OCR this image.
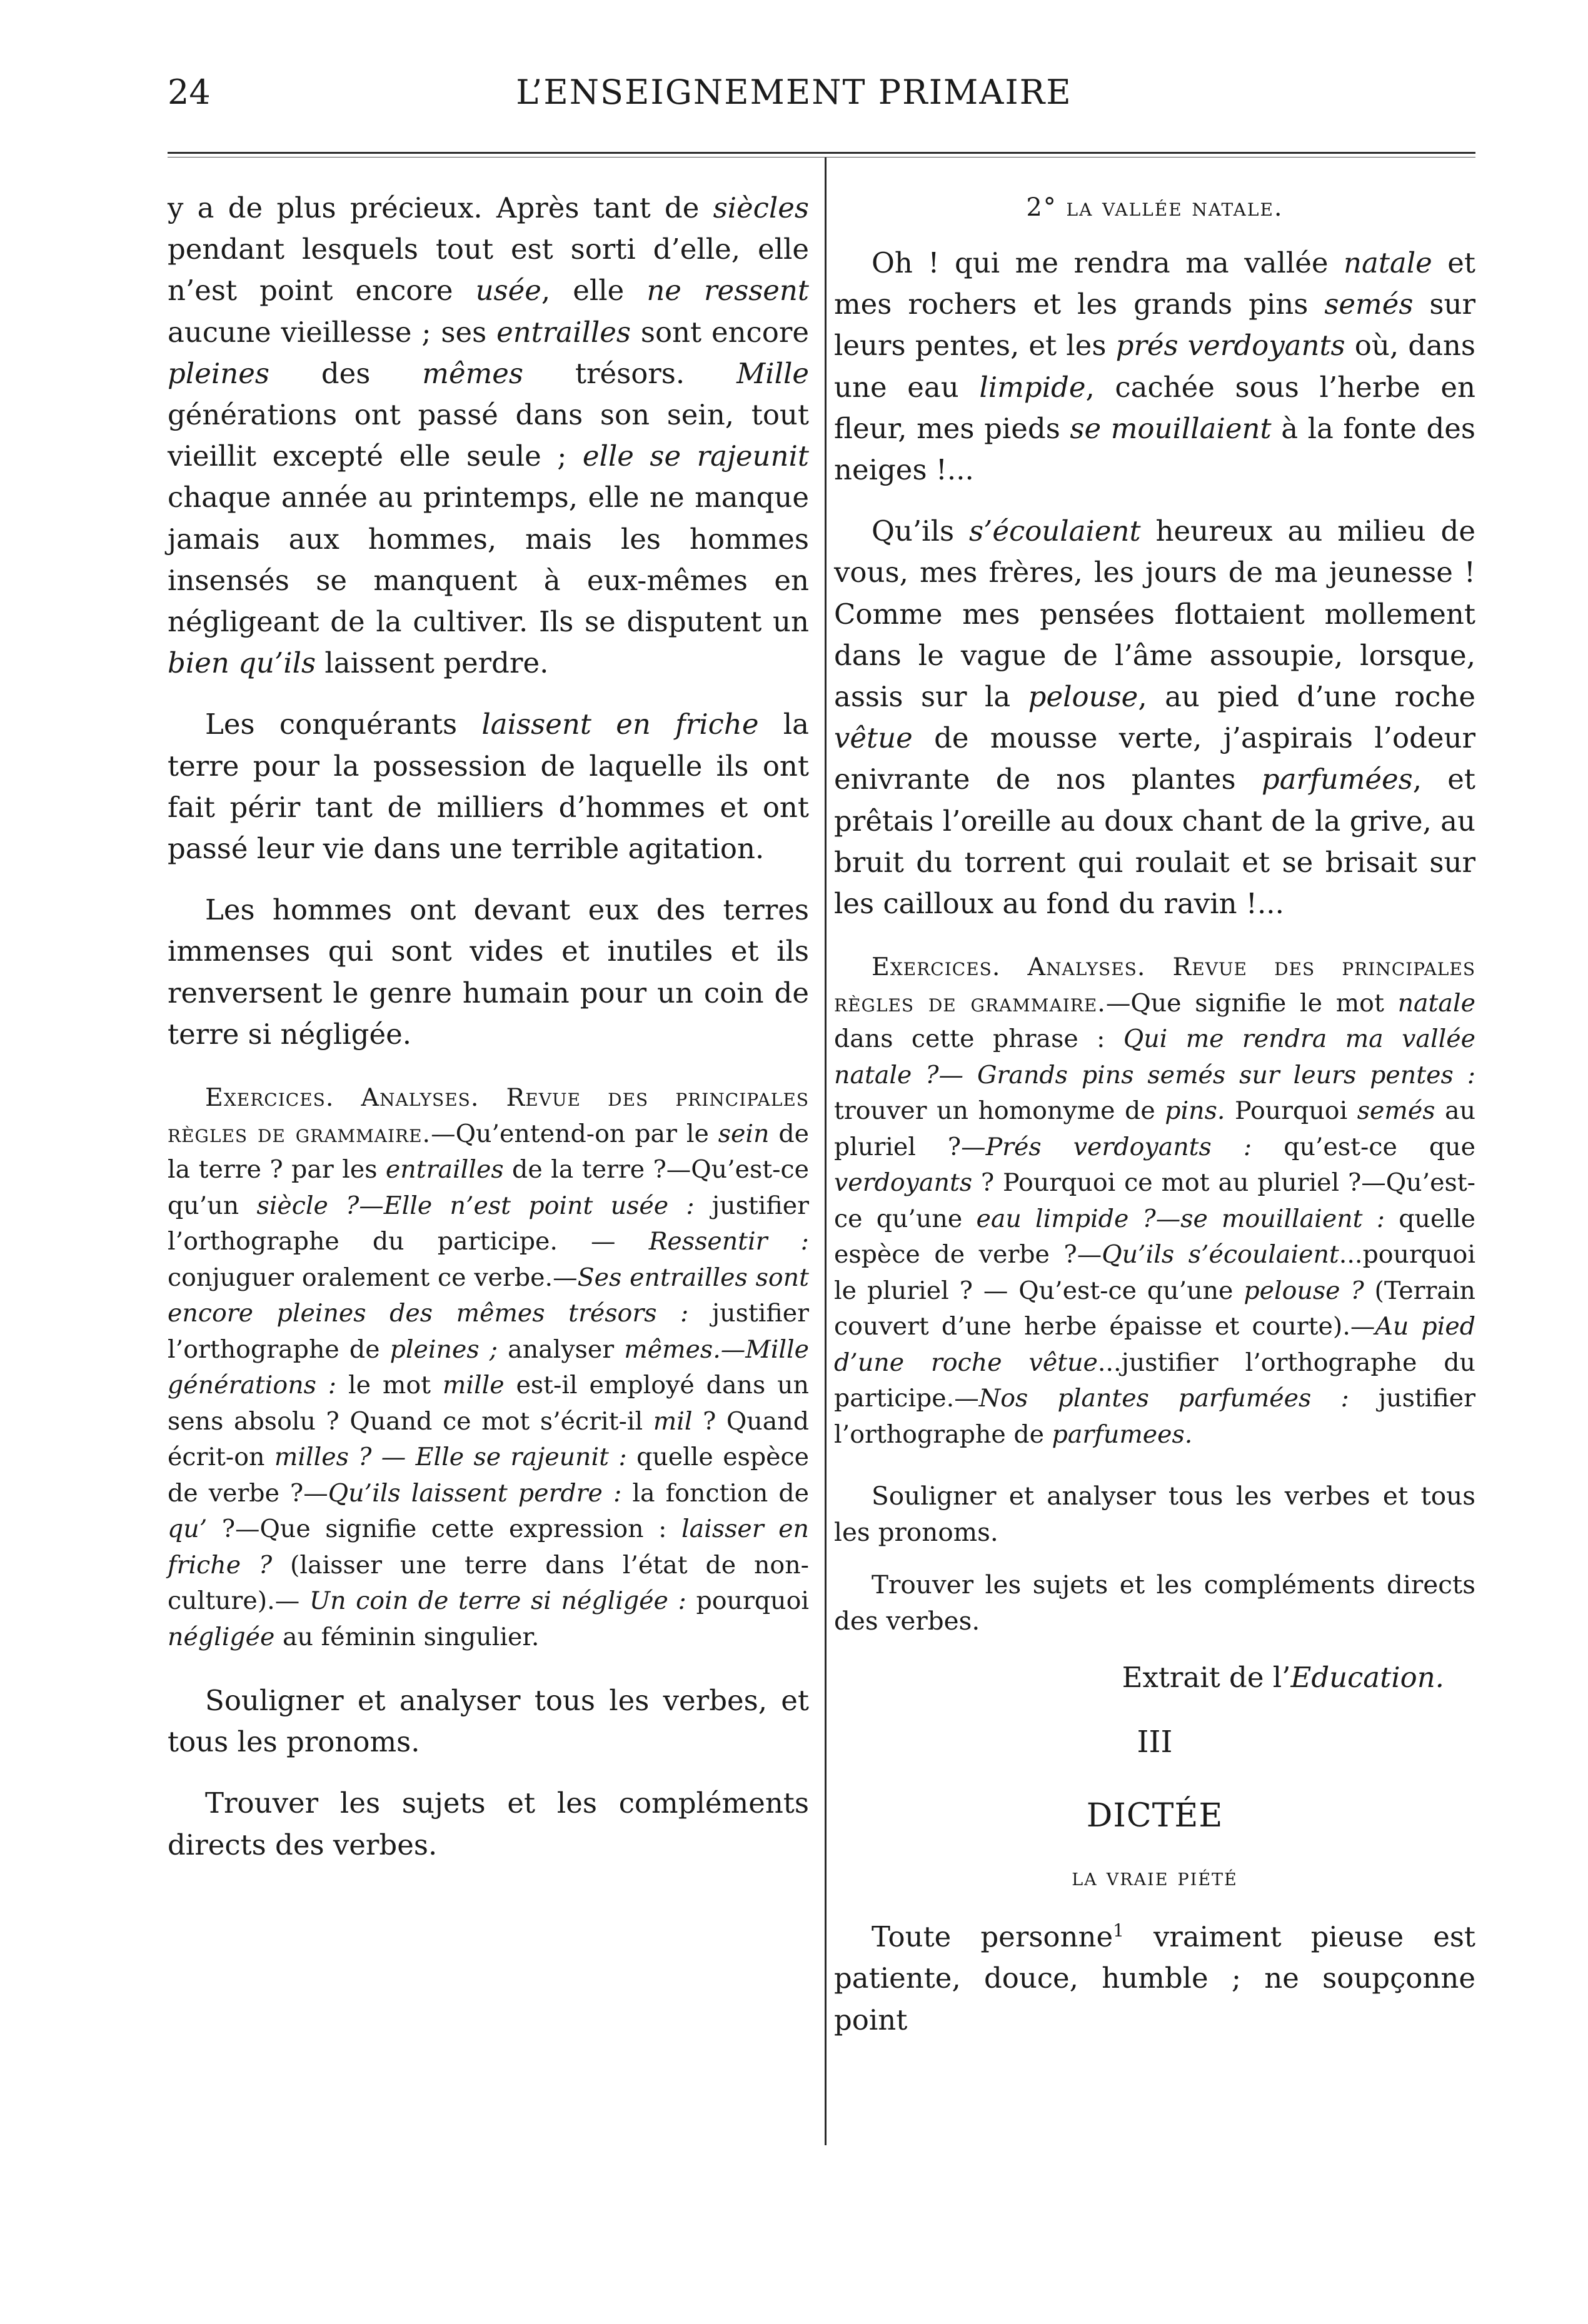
24	L’ENSEIGNEMENT PRIMAIRE

y a de plus précieux. Après tant de siècles pendant lesquels tout est sorti d’elle, elle n’est point encore usée, elle ne ressent aucune vieillesse ; ses entrailles sont encore pleines des mêmes trésors. Mille générations ont passé dans son sein, tout vieillit excepté elle seule ; elle se rajeunit chaque année au printemps, elle ne manque jamais aux hommes, mais les hommes insensés se manquent à eux-mêmes en négligeant de la cultiver. Ils se disputent un bien qu’ils laissent perdre.

Les conquérants laissent en friche la terre pour la possession de laquelle ils ont fait périr tant de milliers d’hommes et ont passé leur vie dans une terrible agitation.

Les hommes ont devant eux des terres immenses qui sont vides et inutiles et ils renversent le genre humain pour un coin de terre si négligée.

Exercices. Analyses. Revue des principales règles de grammaire.—Qu’entend-on par le sein de la terre ? par les entrailles de la terre ?—Qu’est-ce qu’un siècle ?—Elle n’est point usée : justifier l’orthographe du participe. — Ressentir : conjuguer oralement ce verbe.—Ses entrailles sont encore pleines des mêmes trésors : justifier l’orthographe de pleines ; analyser mêmes.—Mille générations : le mot mille est-il employé dans un sens absolu ? Quand ce mot s’écrit-il mil ? Quand écrit-on milles ? — Elle se rajeunit : quelle espèce de verbe ?—Qu’ils laissent perdre : la fonction de qu’ ?—Que signifie cette expression : laisser en friche ? (laisser une terre dans l’état de non-culture).— Un coin de terre si négligée : pourquoi négligée au féminin singulier.

Souligner et analyser tous les verbes, et tous les pronoms.

Trouver les sujets et les compléments directs des verbes.

2° la vallée natale.

Oh ! qui me rendra ma vallée natale et mes rochers et les grands pins semés sur leurs pentes, et les prés verdoyants où, dans une eau limpide, cachée sous l’herbe en fleur, mes pieds se mouillaient à la fonte des neiges !...

Qu’ils s’écoulaient heureux au milieu de vous, mes frères, les jours de ma jeunesse ! Comme mes pensées flottaient mollement dans le vague de l’âme assoupie, lorsque, assis sur la pelouse, au pied d’une roche vêtue de mousse verte, j’aspirais l’odeur enivrante de nos plantes parfumées, et prêtais l’oreille au doux chant de la grive, au bruit du torrent qui roulait et se brisait sur les cailloux au fond du ravin !...

Exercices. Analyses. Revue des principales règles de grammaire.—Que signifie le mot natale dans cette phrase : Qui me rendra ma vallée natale ?— Grands pins semés sur leurs pentes : trouver un homonyme de pins. Pourquoi semés au pluriel ?—Prés verdoyants : qu’est-ce que verdoyants ? Pourquoi ce mot au pluriel ?—Qu’est-ce qu’une eau limpide ?—se mouillaient : quelle espèce de verbe ?—Qu’ils s’écoulaient...pourquoi le pluriel ? — Qu’est-ce qu’une pelouse ? (Terrain couvert d’une herbe épaisse et courte).—Au pied d’une roche vêtue...justifier l’orthographe du participe.—Nos plantes parfumées : justifier l’orthographe de parfumees.

Souligner et analyser tous les verbes et tous les pronoms.

Trouver les sujets et les compléments directs des verbes.

Extrait de l’Education.
III
DICTÉE
la vraie piété

Toute personne$^1$ vraiment pieuse est patiente, douce, humble ; ne soupçonne point
